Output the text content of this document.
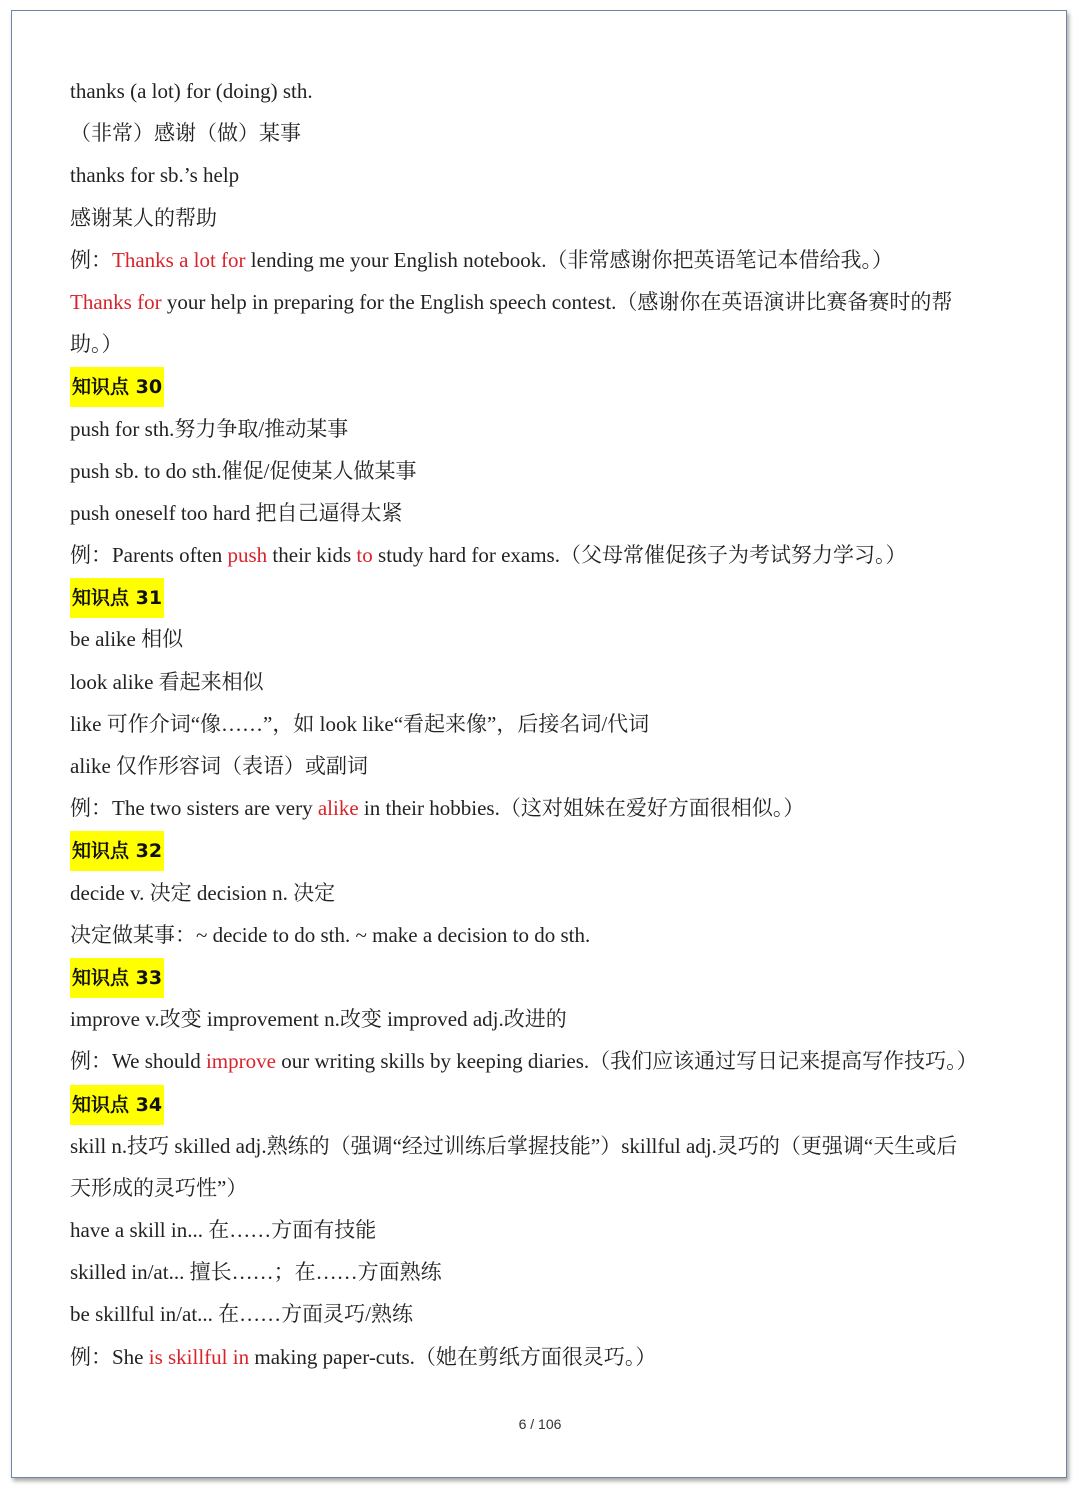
thanks (a lot) for (doing) sth.
（非常）感谢（做）某事
thanks for sb.’s help
感谢某人的帮助
例：Thanks a lot for lending me your English notebook.（非常感谢你把英语笔记本借给我。）
Thanks for your help in preparing for the English speech contest.（感谢你在英语演讲比赛备赛时的帮
助。）
知识点 30
push for sth.努力争取/推动某事
push sb. to do sth.催促/促使某人做某事
push oneself too hard 把自己逼得太紧
例：Parents often push their kids to study hard for exams.（父母常催促孩子为考试努力学习。）
知识点 31
be alike 相似
look alike 看起来相似
like 可作介词“像……”，如 look like“看起来像”，后接名词/代词
alike 仅作形容词（表语）或副词
例：The two sisters are very alike in their hobbies.（这对姐妹在爱好方面很相似。）
知识点 32
decide v. 决定 decision n. 决定
决定做某事：~ decide to do sth. ~ make a decision to do sth.
知识点 33
improve v.改变 improvement n.改变 improved adj.改进的
例：We should improve our writing skills by keeping diaries.（我们应该通过写日记来提高写作技巧。）
知识点 34
skill n.技巧 skilled adj.熟练的（强调“经过训练后掌握技能”）skillful adj.灵巧的（更强调“天生或后
天形成的灵巧性”）
have a skill in... 在……方面有技能
skilled in/at... 擅长……；在……方面熟练
be skillful in/at... 在……方面灵巧/熟练
例：She is skillful in making paper-cuts.（她在剪纸方面很灵巧。）
6 / 106
